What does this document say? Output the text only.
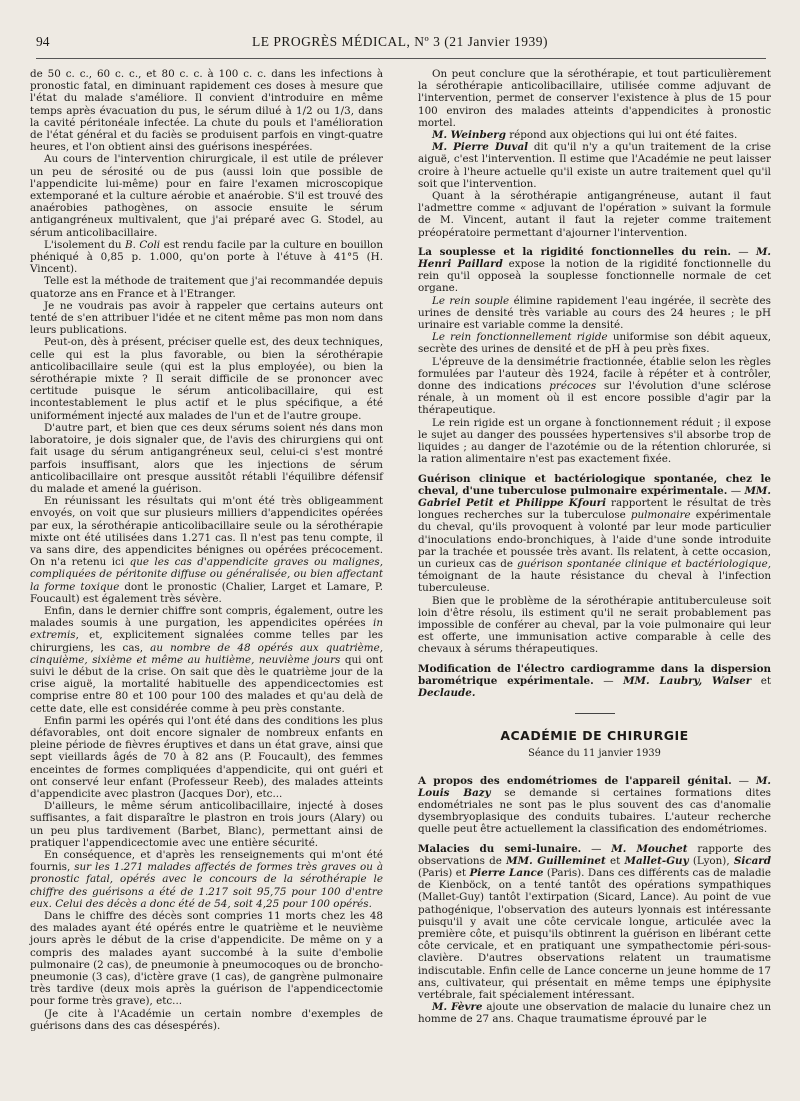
94	LE PROGRÈS MÉDICAL, Nº 3 (21 Janvier 1939)

de 50 c. c., 60 c. c., et 80 c. c. à 100 c. c. dans les infections à pronostic fatal, en diminuant rapidement ces doses à mesure que l'état du malade s'améliore. Il convient d'introduire en même temps après évacuation du pus, le sérum dilué à 1/2 ou 1/3, dans la cavité péritonéale infectée. La chute du pouls et l'amélioration de l'état général et du faciès se produisent parfois en vingt-quatre heures, et l'on obtient ainsi des guérisons inespérées.

Au cours de l'intervention chirurgicale, il est utile de prélever un peu de sérosité ou de pus (aussi loin que possible de l'appendicite lui-même) pour en faire l'examen microscopique extemporané et la culture aérobie et anaérobie. S'il est trouvé des anaérobies pathogènes, on associe ensuite le sérum antigangréneux multivalent, que j'ai préparé avec G. Stodel, au sérum anticolibacillaire.

L'isolement du B. Coli est rendu facile par la culture en bouillon phéniqué à 0,85 p. 1.000, qu'on porte à l'étuve à 41°5 (H. Vincent).

Telle est la méthode de traitement que j'ai recommandée depuis quatorze ans en France et à l'Etranger.

Je ne voudrais pas avoir à rappeler que certains auteurs ont tenté de s'en attribuer l'idée et ne citent même pas mon nom dans leurs publications.

Peut-on, dès à présent, préciser quelle est, des deux techniques, celle qui est la plus favorable, ou bien la sérothérapie anticolibacillaire seule (qui est la plus employée), ou bien la sérothérapie mixte ? Il serait difficile de se prononcer avec certitude puisque le sérum anticolibacillaire, qui est incontestablement le plus actif et le plus spécifique, a été uniformément injecté aux malades de l'un et de l'autre groupe.

D'autre part, et bien que ces deux sérums soient nés dans mon laboratoire, je dois signaler que, de l'avis des chirurgiens qui ont fait usage du sérum antigangréneux seul, celui-ci s'est montré parfois insuffisant, alors que les injections de sérum anticolibacillaire ont presque aussitôt rétabli l'équilibre défensif du malade et amené la guérison.

En réunissant les résultats qui m'ont été très obligeamment envoyés, on voit que sur plusieurs milliers d'appendicites opérées par eux, la sérothérapie anticolibacillaire seule ou la sérothérapie mixte ont été utilisées dans 1.271 cas. Il n'est pas tenu compte, il va sans dire, des appendicites bénignes ou opérées précocement. On n'a retenu ici que les cas d'appendicite graves ou malignes, compliquées de péritonite diffuse ou généralisée, ou bien affectant la forme toxique dont le pronostic (Chalier, Larget et Lamare, P. Foucault) est également très sévère.

Enfin, dans le dernier chiffre sont compris, également, outre les malades soumis à une purgation, les appendicites opérées in extremis, et, explicitement signalées comme telles par les chirurgiens, les cas, au nombre de 48 opérés aux quatrième, cinquième, sixième et même au huitième, neuvième jours qui ont suivi le début de la crise. On sait que dès le quatrième jour de la crise aiguë, la mortalité habituelle des appendicectomies est comprise entre 80 et 100 pour 100 des malades et qu'au delà de cette date, elle est considérée comme à peu près constante.

Enfin parmi les opérés qui l'ont été dans des conditions les plus défavorables, ont doit encore signaler de nombreux enfants en pleine période de fièvres éruptives et dans un état grave, ainsi que sept vieillards âgés de 70 à 82 ans (P. Foucault), des femmes enceintes de formes compliquées d'appendicite, qui ont guéri et ont conservé leur enfant (Professeur Reeb), des malades atteints d'appendicite avec plastron (Jacques Dor), etc...

D'ailleurs, le même sérum anticolibacillaire, injecté à doses suffisantes, a fait disparaître le plastron en trois jours (Alary) ou un peu plus tardivement (Barbet, Blanc), permettant ainsi de pratiquer l'appendicectomie avec une entière sécurité.

En conséquence, et d'après les renseignements qui m'ont été fournis, sur les 1.271 malades affectés de formes très graves ou à pronostic fatal, opérés avec le concours de la sérothérapie le chiffre des guérisons a été de 1.217 soit 95,75 pour 100 d'entre eux. Celui des décès a donc été de 54, soit 4,25 pour 100 opérés.

Dans le chiffre des décès sont compries 11 morts chez les 48 des malades ayant été opérés entre le quatrième et le neuvième jours après le début de la crise d'appendicite. De même on y a compris des malades ayant succombé à la suite d'embolie pulmonaire (2 cas), de pneumonie à pneumocoques ou de broncho-pneumonie (3 cas), d'ictère grave (1 cas), de gangrène pulmonaire très tardive (deux mois après la guérison de l'appendicectomie pour forme très grave), etc...

(Je cite à l'Académie un certain nombre d'exemples de guérisons dans des cas désespérés).

On peut conclure que la sérothérapie, et tout particulièrement la sérothérapie anticolibacillaire, utilisée comme adjuvant de l'intervention, permet de conserver l'existence à plus de 15 pour 100 environ des malades atteints d'appendicites à pronostic mortel.

M. Weinberg répond aux objections qui lui ont été faites.

M. Pierre Duval dit qu'il n'y a qu'un traitement de la crise aiguë, c'est l'intervention. Il estime que l'Académie ne peut laisser croire à l'heure actuelle qu'il existe un autre traitement quel qu'il soit que l'intervention.

Quant à la sérothérapie antigangréneuse, autant il faut l'admettre comme « adjuvant de l'opération » suivant la formule de M. Vincent, autant il faut la rejeter comme traitement préopératoire permettant d'ajourner l'intervention.

La souplesse et la rigidité fonctionnelles du rein. — M. Henri Paillard expose la notion de la rigidité fonctionnelle du rein qu'il opposeà la souplesse fonctionnelle normale de cet organe.

Le rein souple élimine rapidement l'eau ingérée, il secrète des urines de densité très variable au cours des 24 heures ; le pH urinaire est variable comme la densité.

Le rein fonctionnellement rigide uniformise son débit aqueux, secrète des urines de densité et de pH à peu près fixes.

L'épreuve de la densimétrie fractionnée, établie selon les règles formulées par l'auteur dès 1924, facile à répéter et à contrôler, donne des indications précoces sur l'évolution d'une sclérose rénale, à un moment où il est encore possible d'agir par la thérapeutique.

Le rein rigide est un organe à fonctionnement réduit ; il expose le sujet au danger des poussées hypertensives s'il absorbe trop de liquides ; au danger de l'azotémie ou de la rétention chlorurée, si la ration alimentaire n'est pas exactement fixée.

Guérison clinique et bactériologique spontanée, chez le cheval, d'une tuberculose pulmonaire expérimentale. — MM. Gabriel Petit et Philippe Kfouri rapportent le résultat de très longues recherches sur la tuberculose pulmonaire expérimentale du cheval, qu'ils provoquent à volonté par leur mode particulier d'inoculations endo-bronchiques, à l'aide d'une sonde introduite par la trachée et poussée très avant. Ils relatent, à cette occasion, un curieux cas de guérison spontanée clinique et bactériologique, témoignant de la haute résistance du cheval à l'infection tuberculeuse.

Bien que le problème de la sérothérapie antituberculeuse soit loin d'être résolu, ils estiment qu'il ne serait probablement pas impossible de conférer au cheval, par la voie pulmonaire qui leur est offerte, une immunisation active comparable à celle des chevaux à sérums thérapeutiques.

Modification de l'électro cardiogramme dans la dispersion barométrique expérimentale. — MM. Laubry, Walser et Declaude.

ACADÉMIE DE CHIRURGIE
Séance du 11 janvier 1939

A propos des endométriomes de l'appareil génital. — M. Louis Bazy se demande si certaines formations dites endométriales ne sont pas le plus souvent des cas d'anomalie dysembryoplasique des conduits tubaires. L'auteur recherche quelle peut être actuellement la classification des endométriomes.

Malacies du semi-lunaire. — M. Mouchet rapporte des observations de MM. Guilleminet et Mallet-Guy (Lyon), Sicard (Paris) et Pierre Lance (Paris). Dans ces différents cas de maladie de Kienböck, on a tenté tantôt des opérations sympathiques (Mallet-Guy) tantôt l'extirpation (Sicard, Lance). Au point de vue pathogénique, l'observation des auteurs lyonnais est intéressante puisqu'il y avait une côte cervicale longue, articulée avec la première côte, et puisqu'ils obtinrent la guérison en libérant cette côte cervicale, et en pratiquant une sympathectomie péri-sous-clavière. D'autres observations relatent un traumatisme indiscutable. Enfin celle de Lance concerne un jeune homme de 17 ans, cultivateur, qui présentait en même temps une épiphysite vertébrale, fait spécialement intéressant.

M. Fèvre ajoute une observation de malacie du lunaire chez un homme de 27 ans. Chaque traumatisme éprouvé par le
